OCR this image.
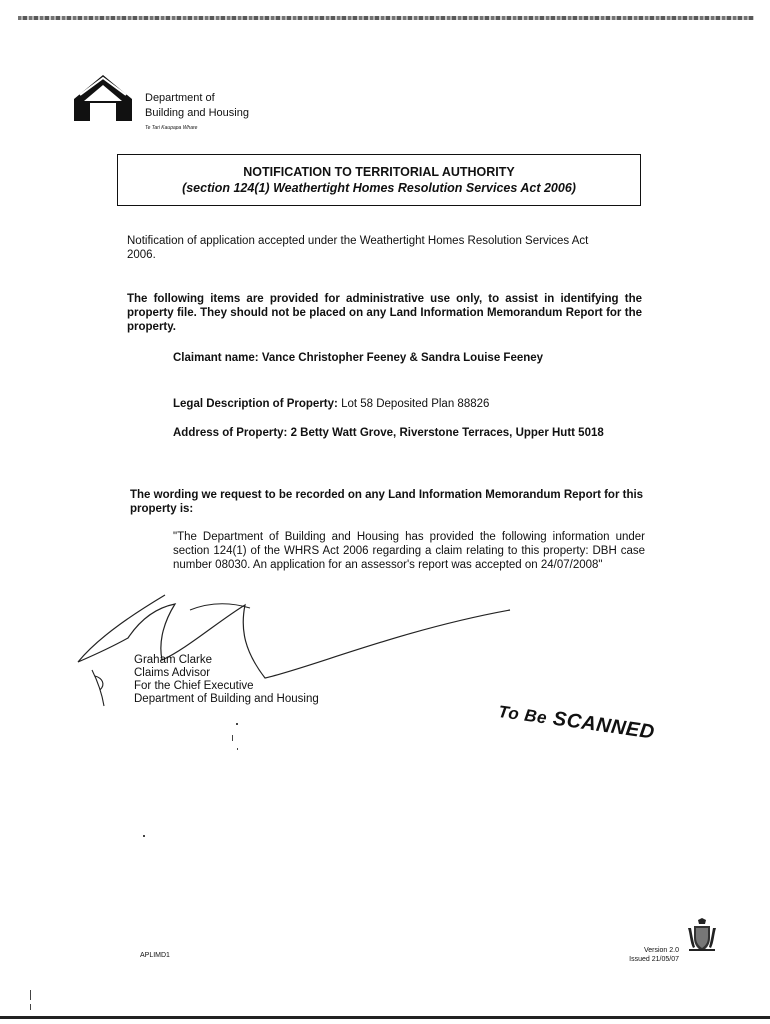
Department of
Building and Housing
Te Tari Kaupapa Whare
NOTIFICATION TO TERRITORIAL AUTHORITY
(section 124(1) Weathertight Homes Resolution Services Act 2006)
Notification of application accepted under the Weathertight Homes Resolution Services Act 2006.
The following items are provided for administrative use only, to assist in identifying the property file. They should not be placed on any Land Information Memorandum Report for the property.
Claimant name: Vance Christopher Feeney & Sandra Louise Feeney
Legal Description of Property: Lot 58 Deposited Plan 88826
Address of Property: 2 Betty Watt Grove, Riverstone Terraces, Upper Hutt 5018
The wording we request to be recorded on any Land Information Memorandum Report for this property is:
"The Department of Building and Housing has provided the following information under section 124(1) of the WHRS Act 2006 regarding a claim relating to this property: DBH case number 08030. An application for an assessor's report was accepted on 24/07/2008"
Graham Clarke
Claims Advisor
For the Chief Executive
Department of Building and Housing
To Be SCANNED
APLIMD1
Version 2.0
Issued 21/05/07
